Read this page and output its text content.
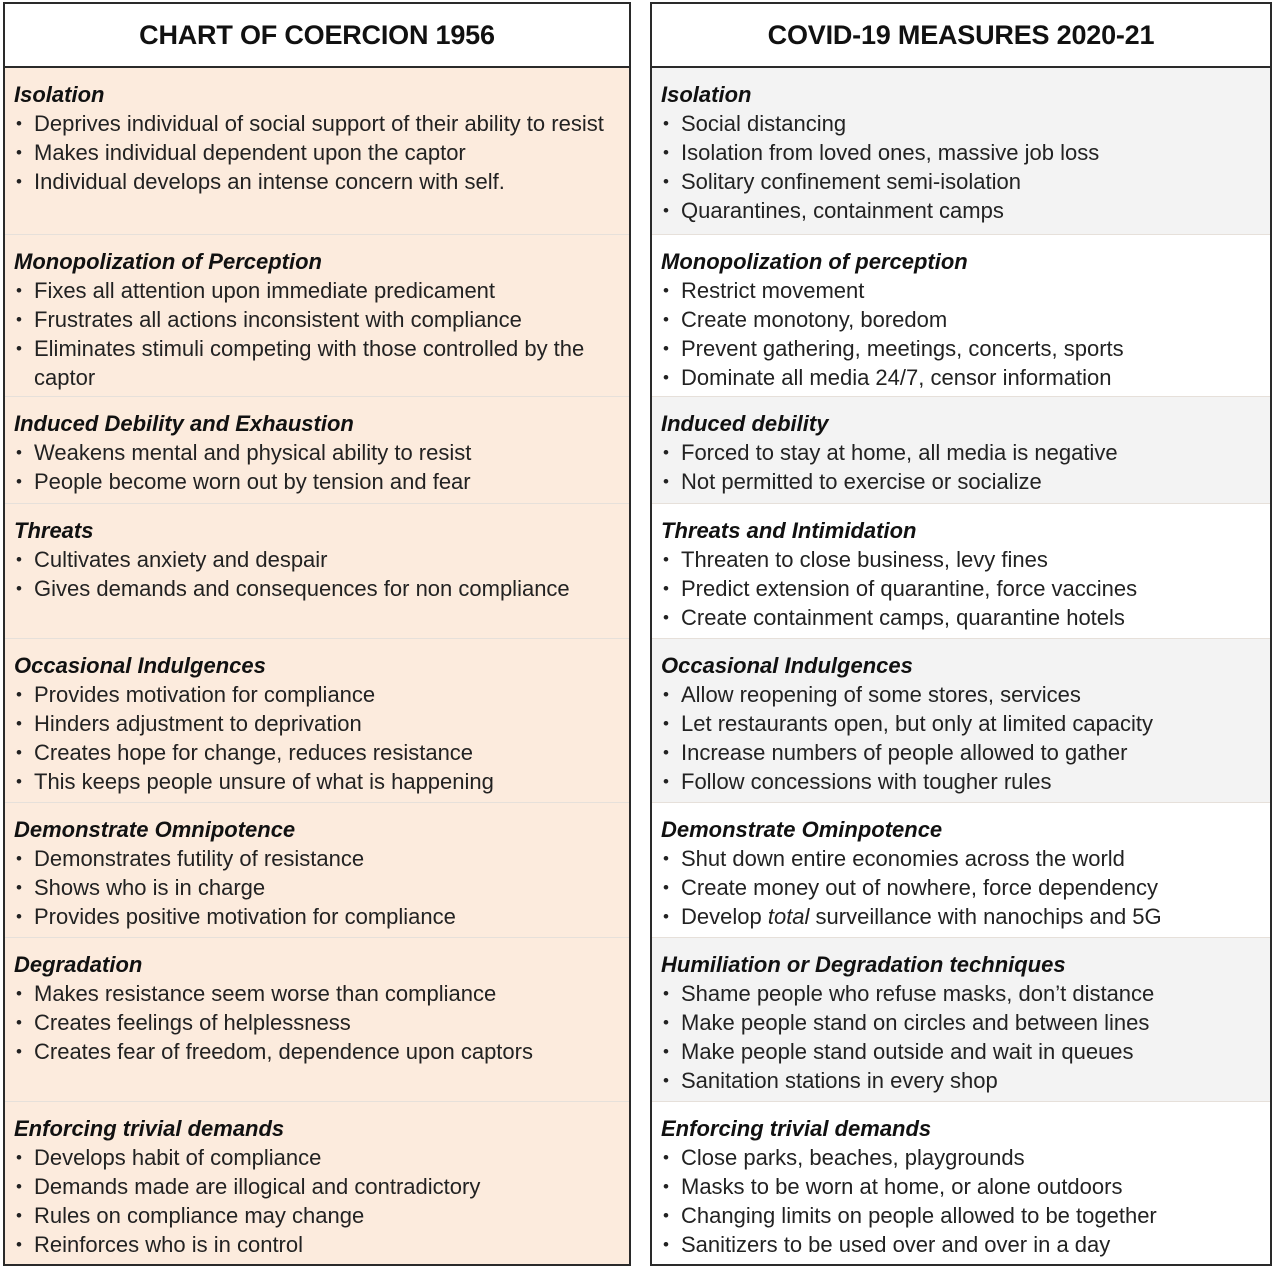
CHART OF COERCION 1956
Isolation
• Deprives individual of social support of their ability to resist
• Makes individual dependent upon the captor
• Individual develops an intense concern with self.
Monopolization of Perception
• Fixes all attention upon immediate predicament
• Frustrates all actions inconsistent with compliance
• Eliminates stimuli competing with those controlled by the captor
Induced Debility and Exhaustion
• Weakens mental and physical ability to resist
• People become worn out by tension and fear
Threats
• Cultivates anxiety and despair
• Gives demands and consequences for non compliance
Occasional Indulgences
• Provides motivation for compliance
• Hinders adjustment to deprivation
• Creates hope for change, reduces resistance
• This keeps people unsure of what is happening
Demonstrate Omnipotence
• Demonstrates futility of resistance
• Shows who is in charge
• Provides positive motivation for compliance
Degradation
• Makes resistance seem worse than compliance
• Creates feelings of helplessness
• Creates fear of freedom, dependence upon captors
Enforcing trivial demands
• Develops habit of compliance
• Demands made are illogical and contradictory
• Rules on compliance may change
• Reinforces who is in control
COVID-19 MEASURES 2020-21
Isolation
• Social distancing
• Isolation from loved ones, massive job loss
• Solitary confinement semi-isolation
• Quarantines, containment camps
Monopolization of perception
• Restrict movement
• Create monotony, boredom
• Prevent gathering, meetings, concerts, sports
• Dominate all media 24/7, censor information
Induced debility
• Forced to stay at home, all media is negative
• Not permitted to exercise or socialize
Threats and Intimidation
• Threaten to close business, levy fines
• Predict extension of quarantine, force vaccines
• Create containment camps, quarantine hotels
Occasional Indulgences
• Allow reopening of some stores, services
• Let restaurants open, but only at limited capacity
• Increase numbers of people allowed to gather
• Follow concessions with tougher rules
Demonstrate Ominpotence
• Shut down entire economies across the world
• Create money out of nowhere, force dependency
• Develop total surveillance with nanochips and 5G
Humiliation or Degradation techniques
• Shame people who refuse masks, don’t distance
• Make people stand on circles and between lines
• Make people stand outside and wait in queues
• Sanitation stations in every shop
Enforcing trivial demands
• Close parks, beaches, playgrounds
• Masks to be worn at home, or alone outdoors
• Changing limits on people allowed to be together
• Sanitizers to be used over and over in a day
